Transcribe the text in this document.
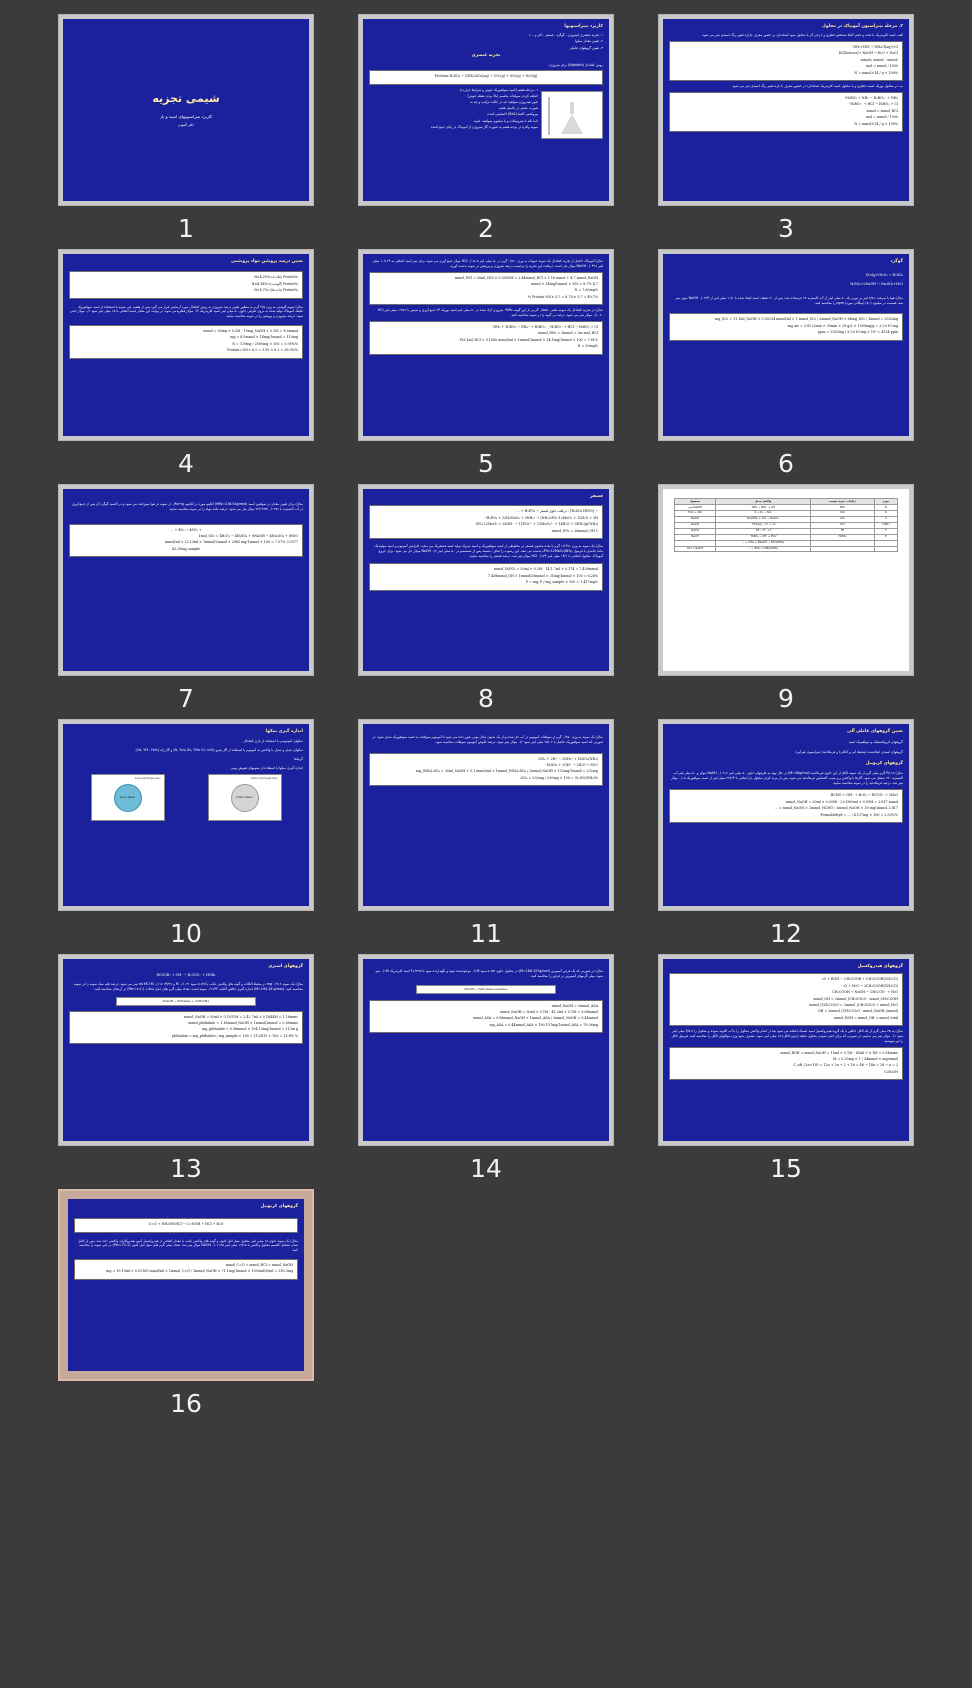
۳. مرحله تیتراسیون آمونیاک در محلول

الف- اسید کلریدریک با دقت و حجم کاملا مشخص قطری و ا زخی آن با محلول سود استاندارد بر حضور معرف بازاره تغییر رنگ اسیدی تیتر می شود.

NH₃+HCl → NH₄Cl(aq)+Cl⁻

HCl(excess)+ NaOH → H₂O + NaCl

mmol= mmol₁ - mmol₂

mol = mmol / 1000

%N = mmol×14 / g × 100

ب- در محلول بوریک اسید، قطری و با محلول اسید کلریدریک استاندارد در حضور معرف با بازه تغییر رنگ اسیدی تیتر می شود.

H₃BO₃ + NH₃ → H₂BO₃⁻ + NH₄⁺

H₂BO₃⁻ + HCl → H₃BO₃ + Cl⁻

mmol = mmol_HCl

mol = mmol / 1000

%N = mmol×14 / g × 100

3
کاربرد تیتراسیونها

۱. تجزیه عنصری (نیتروژن ، گوگرد ، فسفر ، کلر و ...)

۲. تعیین مقدار نمکها

۳. تعیین گروههای عاملی

تجزیه عنصری
روش کجلدال (Kjeldahl) برای نیتروژن:

Proteins H₂SO₄ → (NH₄)₂SO₄(aq) + CO₂(g) + SO₂(g) + H₂O(g)

۱. مرحله هضم (اسید سولفوریک جوش و شرایط حرارت)

اضافه کردن سولفات پتاسیم (بالا بردن نقطه جوش)

عبور هیدروژن سولفید چه در حالت ترکیب و چه به

صورت عنصر در تکمیل هضم

پیروکسی اکسا (Ra2) اکسایش کننده

تاما نکه با نیتروسلات و یا سلنیوم سولفید، اسید

نمونه واکره در نوجه هضم به صورت گاز نیتروژن از آمونیاک در پایان جمع کننده

2
شیمی تجزیه
کاربرد تیتراسیونهای اسید و باز
دکتر آلتونی
1
گوگرد

SO₂(g)+H₂O₂ → H₂SO₄

H₂SO₄+2NaOH → Na₂SO₄+H₂O

مثال) هوا با سرعت ۳/۸۱ لیتر بر دورن یک ۵۰ میلی لیتر از آب اکسیژنه ۳٪ فرستاده شد. پس از ۳۰ دقیقه، اسید ایجاد شده با ۱۱/۱ میلی لیتر از ۰/۰۲۲۴ NaOH موثر تیتر شد. قسمت در میلیون (۵۰) (میگانی مورد) ppm را محاسبه کنید.

mg_SO₂ = 11.1ml_NaOH × 0.00234 mmol/ml × 1 mmol_SO₂ / 2mmol_NaOH × 64mg_SO₂ / 1mmol = 3352mg

mg_air = 3.81 L/min × 30min × 28 g/L × 1000mg/g = 3.3×10⁵mg

ppm = 3352mg / 3.3×10⁵mg × 10⁶ = 4134 ppm

6
مثال) آمونیاک حاصل از تجزیه کجلدال یک نمونه حبوبات به وزن ۰/۷۶۰ گرم در ۵۰ میلی لیتر HCl ۰/۰۵۰۵ مولار جمع آوری می شود. برای تیتر اسید اضافی به ۱۰/۱۶۴ میلی لیتر NaOH ۰/۰۴۹۶ مولار نیاز است. دریافت این تجزیه را برحسب درصد نیتروژن و پروتئین در نمونه بدست آورید.

mmol_HCl = 50ml_HCl × 0.0505M = 2.44mmol_HCl × 1.16 mmol + 4.7 mmol_NaOH

4.7 mmol × 14mg/1mmol × 100 = 8.7%

%N = 7.60mg

%Protein·%N× 5.7 = 8.7%× 5.7 = 49.7 %

مثال) در تجزیه کجلدال یک نمونه ماهی ۰/۵۵۵۰ گرمی از این گونه، NH₄⁺ نیتروژن آزاد شده در ۵۰ میلی لیتر اسید بوریک ۴٪ جمع آوری و سپس با ۱۹/۵۱ میلی لیتر HCl ۰/۱۰۶۰ مولار تیتر می شود. درصد نی گونه را در نمونه محاسبه کنید.

NH₃ + H₃BO₃ → NH₄⁺ + H₂BO₃⁻ ; H₂BO₃⁻ + HCl → H₃BO₃ + Cl⁻

mmol_NH₃ = 3mmol = 3m mol_HCl

193.1ml_HCl × 0.1060 mmol/ml × 1mmol/1mmol × 14.1mg/1mmol × 100 = 7.61%

%N = 50mg

5
تعیین درصد پروتئین مواد پروتئینی

%Protein (غلات)=%N×6.25

%Protein (گوشت)=%N×6.38

%Protein (دانه ها)=%N×5.7

مثال) نمونه گوشتی به وزن ۲/۵ گرم به منظور تعیین درصد نیتروژن به روش کجلدال مورد آزمایش قرار می گیرد پس از هضم، این نمونه با استفاده از اسید سولفوریک غلیظ، آمونیاک تولید شده به درون ظرفی حاوی ۵۰ میلی لیتر اسید کلریدریک ۰/۲ مولار قطریدمی شود. در نهایت این مقدار اسید اضافی با ۱۵ میلی لیتر سود ۰/۱ مولار خنثی شود. درصد نیتروژن و پروتئین را در نمونه محاسبه نمایید.

mmol = 50mg × 0.2M - 15mg_NaOH × 0.1M = 8.5mmol

mg = 8.5mmol × 14mg/1mmol = 119mg

%N = 119mg / 2000mg × 100 = 5.95%

%Protein=%N× 6.2 = 5.95 × 6.2 = 36.9%

4
مورد	ترکیبات تجزیه شونده	واکنش تبدیل	محصول
N	NH₃	NH₃ → NH₄⁺ + OH⁻	NaOH آمینی
S	SO₂	S + O₂ → SO₂	H₂O₂ + SO₂
C	CO₂	Ba(OH)₂ + CO₂ → BaCO₃	NaOH
Cl(Br)	HCl	HCl(aq) → H⁺ + Cl⁻	NaOH
F	HF	HF → H⁺ + F⁻	NaOH
P	H₃PO₄	H₃PO₄ → 3H⁺ + PO₄³⁻	NaOH
		(NH₄)₃PO₄ + 3NaOH → 3H₂O + ...	
		(NH₄)₂PO₄ + H₃BO₃ → ...	HCl + NaOH
9
فسفر

→ [H₂SO₄·HNO₃] : دریافت حاوی فسفر → H₃PO₄ + ...

H₃PO₄ + 12H₂MoO₄ + 3NH₄⁺ → (NH₄)₃PO₄·12MoO₃ + 12H₂O + 3H⁺

(NH₄)₃PO₄·12MoO₃ + 26OH⁻ → 11PO₄³⁻ + 12MoO₄²⁻ + 14H₂O + 3NH₃(g)

1 mmol_PO₄ = 26mmol_OH⁻

مثال) یک نمونه به وزن ۱/۱۴۷۱ گرم با ماده محتوی فسفر در مخلوطی از اسید سولفوریک و اسید نیتریک تولید اسید فسفریک می نماید. افزایش آمونیوم و اسید مولیبدیک ماده جامدی با فرمول (NH₄)₃PO₄·12MoO₃ بدست می دهد. این رسوب را صاف، شسته پس از شستشو در ۵۰ میلی لیتر NaOH ۰/۲ مولار حل می شود. برای خروج آمونیاک، محلول اضافی با ۱۴/۱ میلی لیتر HCl ۰/۱۷۴ مولار تیتر شد. درصد فسفر را محاسبه نمایید.

mmol_H₃PO₄ = 50ml × 0.2M - 14.1 7ml × 0.174 = 7.438mmol

7.438mmol_OH × 1mmol/26mmol × 31mg/1mmol × 100 = 6.28%

%P = mg_P / mg_sample × 100 = 1.417mg

8

مثال) برای تعیین مقدار در سولفین آسید (MW=216.54g/mol) آنالیتو مورد در آنالیتو، ۰/۴۵۲۹g از نمونه در هوا سوزانده می شود و در اکسید گوگرد آن پس از جمع آوری در آب اکسیژنه با ۲۲/۱۳ml ۰/۰۳۷۶ مولار نیاز می شود. درصد ماده مولد را در نمونه محاسبه نمایید.

+ 4O₂ → 4SO₂ + ...

1mol_SO₂ = 4H₂O₂ → 4H₂SO₄ + 8NaOH → 4Na₂SO₄ + 8H₂O

0.0377 mmol/ml × 22.13ml × 1mmol/2mmol × 2965 mg/1mmol × 100 = 7.07%

43.29mg_sample

7
تعیین گروههای عاملی آلی
گروههای کربوکسیلیک و سولفونیک اسید
گروههای اسیدی ایجادشده (محیط آبی و الکلی) و فرمالدئید (نیتراسیون غیرآبی)
گروههای کربونیل

مثال) ۴/۱۱۷ گرم میلی گرم از یک نمونه الکل از این حاوی فرمالدئید (M=30g/mol) در حال تهیه به ظرفهای حاوی ۵۰ میلی لیتر ۰/۰۹۱۶ NaOH مولار و ۵۰ میلی لیتر آب اکسیژنه ۳۰٪ منتقل می شود. گازها با واکنش زیر سبب اکسایش فرمالدئید می شود. پس از مرتد کردن محلول باز اضافی با ۲۳/۶۴ میلی لیتر از اسید سولفوریک ۰/۰۵ مولار تیتر شد. درصد فرمالدئید را در نمونه محاسبه نمایید.

HCHO + OH⁻ + H₂O₂ → HCOO⁻ + 2H₂O

mmol_NaOH = 50ml × 0.0996 - 2×1960ml × 0.05M = 2.817 mmol

2.817 mmol_NaOH × 1mmol_HCHO / 1mmol_NaOH × 30 mg/1mmol = ...

%Formaldehyd = ... / 4.117mg × 100 = 2.03%

12

مثال) یک نمونه به وزن ۰/۲۵۰ گرم از سولفات آمونیوم در آب حل شده و از یک ستون تبادل یونی عبور داده می شود تا آمونیوم سولفات به اسید سولفوریک تبدیل شود. در صورتی که اسید سولفوریک حاصل با ۲۵/۰۲ میلی لیتر سود ۰/۲ مولار تیتر شود، درصد خلوص آمونیوم سولفات محاسبه شود.

(NH₄)₂SO₄ + 2H⁺ → 2NH₄⁺ + H₂SO₄

H₂SO₄ + 2OH⁻ → 2H₂O + SO₄²⁻

mg_(NH₄)₂SO₄ = 35ml_NaOH × 0.1 mmol/ml × 1mmol_(NH₄)₂SO₄ / 2mmol_NaOH × 132mg/1mmol = 232mg

%(NH₄)₂SO₄ = 232mg / 250mg × 100 = 92.8%

11
اندازه گیری نمکها
نمکهای آمونیومی با استفاده از بازی کجلدال

نمکهای تبدیل و تبدیل با واکنش به آمونیوم با استفاده از گاز نیترو (%۱۵ N, %۲۵ Zn, %۴۵ Cu) و گاز ژله (%۴۵ Cd, %۴۰)

گرماها
اندازه گیری نمکها با استفاده از ستونهای تعویض یونی
Cation exchange resin
Cation Resin
Anion exchange resin
Anion Resin
10
گروههای هیدروکسیل

(CH₃CO)₂O + ROH → CH₃COOR + CH₃COOH

(CH₃CO)₂O + H₂O → 2CH₃COOH

CH₃COOH + NaOH → CH₃COO⁻ + H₂O

mmol_OH = 2mmol_(CH₃CO)₂O - mmol_CH₃COOH

mmol_(CH₃CO)₂O = 2mmol_(CH₃CO)₂O + mmol_H₂O

(mmol)_OH = 2mmol_(CH₃CO)₂O - mmol_NaOH

mmol_ROH = mmol_OH = mmol_total

مثال) به ۳۵ میلی گرم از یک الکل خالص با یک گروه هیدروکسیل اسید استیک اضافه می شود بعد از اتمام واکنش محلول را با آب اکلوبه نموده و محلول را با ۴/۵ میلی لیتر سود ۰/۱ مولار تیتر می نماییم. در صورتی که برای خنثی نمودن محلول شاهد (بدون الکل) ۱۵ میلی لیتر سود، مصرف شود وزن مولکولی الکل را محاسبه کنید. فرمول الکل را نیز بنویسید.

mmol_ROH = mmol_NaOH = 15ml × 0.1M - 45ml × 0.1M = 0.54mmo

M = 0.25mg × 1 / 54mmol × mg/mmol

C_nH_(2n+1)O = 12n + 2n + 2 + 16 = 46 → 14n = 28 → n = 2

C₂H₅OH

15

مثال) در صورتی که یک قرص آسپیرین (M=180.157g/mol) در محلول حاوی ۵۰ml سود ۰/۱M موجودشده شود و نگهدارنده سود با ۴۱/۲ml اسید کلریدریک ۰/۱M تیتر شود، میلی گرمهای آسپیرین در قرص را محاسبه کنید.

+2NaOH → Salicylate+Acetate

mmol_NaOH = 2mmol_ASA

mmol_NaOH = 50ml × 0.1M - 41.2ml × 0.1M = 0.88mmol

mmol_ASA = 0.88mmol_NaOH × 1mmol_ASA / 2mmol_NaOH = 0.44mmol

mg_ASA = 0.44mmol_ASA × 180.157mg/1mmol_ASA = 79.26mg

14
گروههای استری
RCOOR₁ + OH⁻ → R₁COO⁻ + HOR₂

مثال) یک نمونه ۰/۹۱۶ mg در محیط الکلات و گونه های واکنش نایاب با ۵۰ml سود ۰/۱۰۳۱ M و ۲۴/۲۷ ml HCl M ۰/۱۱۶ تیتر می شود. درصد قلم نمک نمونه را در نمونه محاسبه کنید. (M=194.18 g/mol) اندازه گیری خالص آنالیت ۰/۱۶۴۴ نمونه است. تعداد میلی گرم های حمل فتالات (۷۱/۱=Per) در آرمغان محاسبه کنید.

+2NaOH → Phthalate + 2CH₃OH

mmol_NaOH = 50ml × 0.1031M = 2.42 7ml × 0.1644M = 1.16mmc

mmol_phthalate = 1.16mmol_NaOH × 1mmol/2mmol = 0.58mmo

mg_phthalate = 0.58mmol × 194.19mg/1mmol = 112m g

% phthalate = mg_phthalate / mg_sample × 100 = 112/815 × 100 = 13.8%

13
گروههای کربونیل

C=O + NH₂OH·HCl → C=NOH + HCl + H₂O

مثال) یک نمونه حاوی ۱۸ میلی لیتر محلول متیل اتیل کتون و گونه های واکنش نایاب با مقدار اضافی از هیدروکسیل آمین هیدروکلراید واکنش داده شد. پس از کامل شدن تشکیل کلسیم محلول واکنش با ۱۹/۱۵ میلی لیتر ۰/۰۱۱۶۵ NaOH مولار تیتر شد. تعداد میلی گرم های متیل اتیل کتون (Per=71.1) در لیتر نمونه را محاسبه کنید.

mmol_C=O = mmol_HCl = mmol_NaOH

mg = 19.15ml × 0.01165 mmol/ml × 1mmol_C=O / 1mmol_NaOH × 71.1mg/1mmol × 1000ml/50ml = 316.3mg

16
